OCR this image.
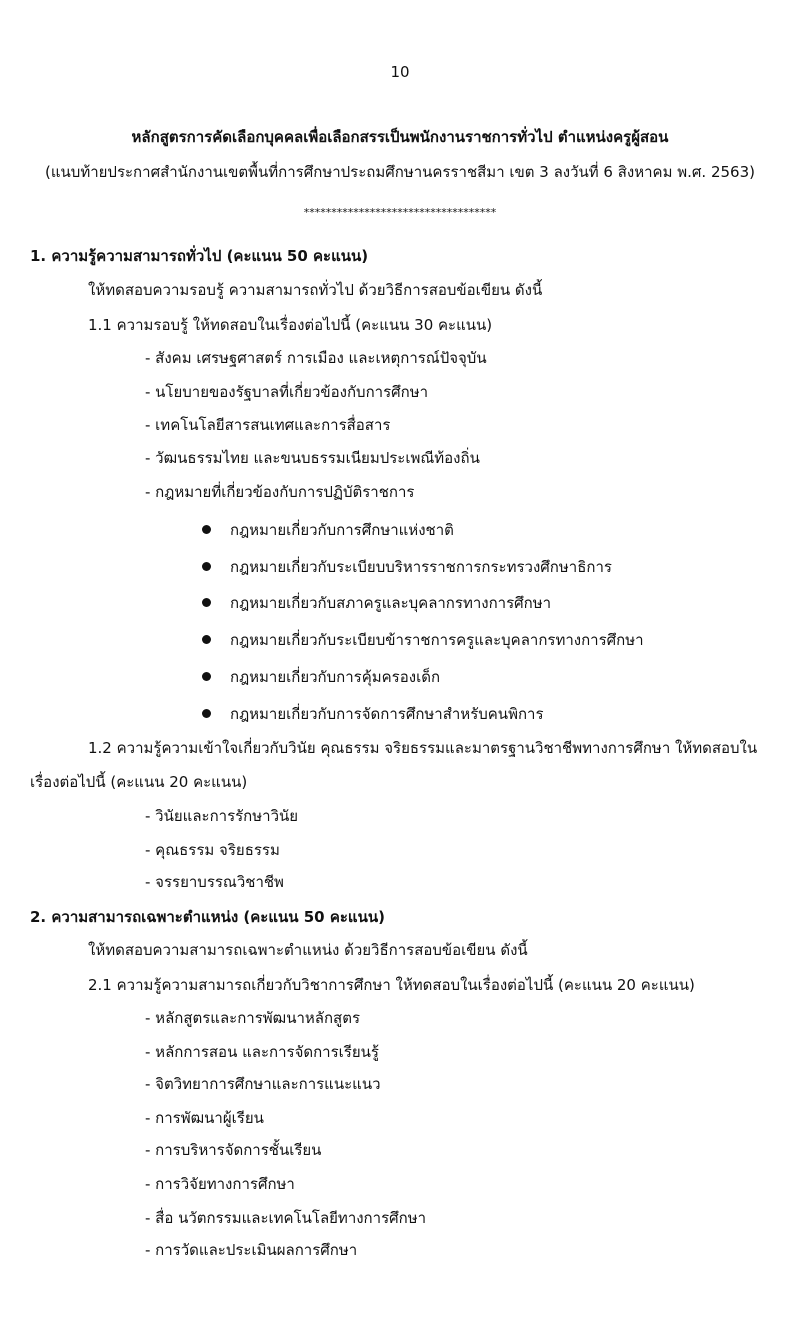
10
หลักสูตรการคัดเลือกบุคคลเพื่อเลือกสรรเป็นพนักงานราชการทั่วไป ตำแหน่งครูผู้สอน
(แนบท้ายประกาศสำนักงานเขตพื้นที่การศึกษาประถมศึกษานครราชสีมา เขต 3 ลงวันที่ 6 สิงหาคม พ.ศ. 2563)
***********************************
1. ความรู้ความสามารถทั่วไป (คะแนน 50 คะแนน)
ให้ทดสอบความรอบรู้ ความสามารถทั่วไป ด้วยวิธีการสอบข้อเขียน ดังนี้
1.1 ความรอบรู้ ให้ทดสอบในเรื่องต่อไปนี้ (คะแนน 30 คะแนน)
- สังคม เศรษฐศาสตร์ การเมือง และเหตุการณ์ปัจจุบัน
- นโยบายของรัฐบาลที่เกี่ยวข้องกับการศึกษา
- เทคโนโลยีสารสนเทศและการสื่อสาร
- วัฒนธรรมไทย และขนบธรรมเนียมประเพณีท้องถิ่น
- กฎหมายที่เกี่ยวข้องกับการปฏิบัติราชการ
กฎหมายเกี่ยวกับการศึกษาแห่งชาติ
กฎหมายเกี่ยวกับระเบียบบริหารราชการกระทรวงศึกษาธิการ
กฎหมายเกี่ยวกับสภาครูและบุคลากรทางการศึกษา
กฎหมายเกี่ยวกับระเบียบข้าราชการครูและบุคลากรทางการศึกษา
กฎหมายเกี่ยวกับการคุ้มครองเด็ก
กฎหมายเกี่ยวกับการจัดการศึกษาสำหรับคนพิการ
1.2 ความรู้ความเข้าใจเกี่ยวกับวินัย คุณธรรม จริยธรรมและมาตรฐานวิชาชีพทางการศึกษา ให้ทดสอบใน
เรื่องต่อไปนี้ (คะแนน 20 คะแนน)
- วินัยและการรักษาวินัย
- คุณธรรม จริยธรรม
- จรรยาบรรณวิชาชีพ
2. ความสามารถเฉพาะตำแหน่ง (คะแนน 50 คะแนน)
ให้ทดสอบความสามารถเฉพาะตำแหน่ง ด้วยวิธีการสอบข้อเขียน ดังนี้
2.1 ความรู้ความสามารถเกี่ยวกับวิชาการศึกษา ให้ทดสอบในเรื่องต่อไปนี้ (คะแนน 20 คะแนน)
- หลักสูตรและการพัฒนาหลักสูตร
- หลักการสอน และการจัดการเรียนรู้
- จิตวิทยาการศึกษาและการแนะแนว
- การพัฒนาผู้เรียน
- การบริหารจัดการชั้นเรียน
- การวิจัยทางการศึกษา
- สื่อ นวัตกรรมและเทคโนโลยีทางการศึกษา
- การวัดและประเมินผลการศึกษา
